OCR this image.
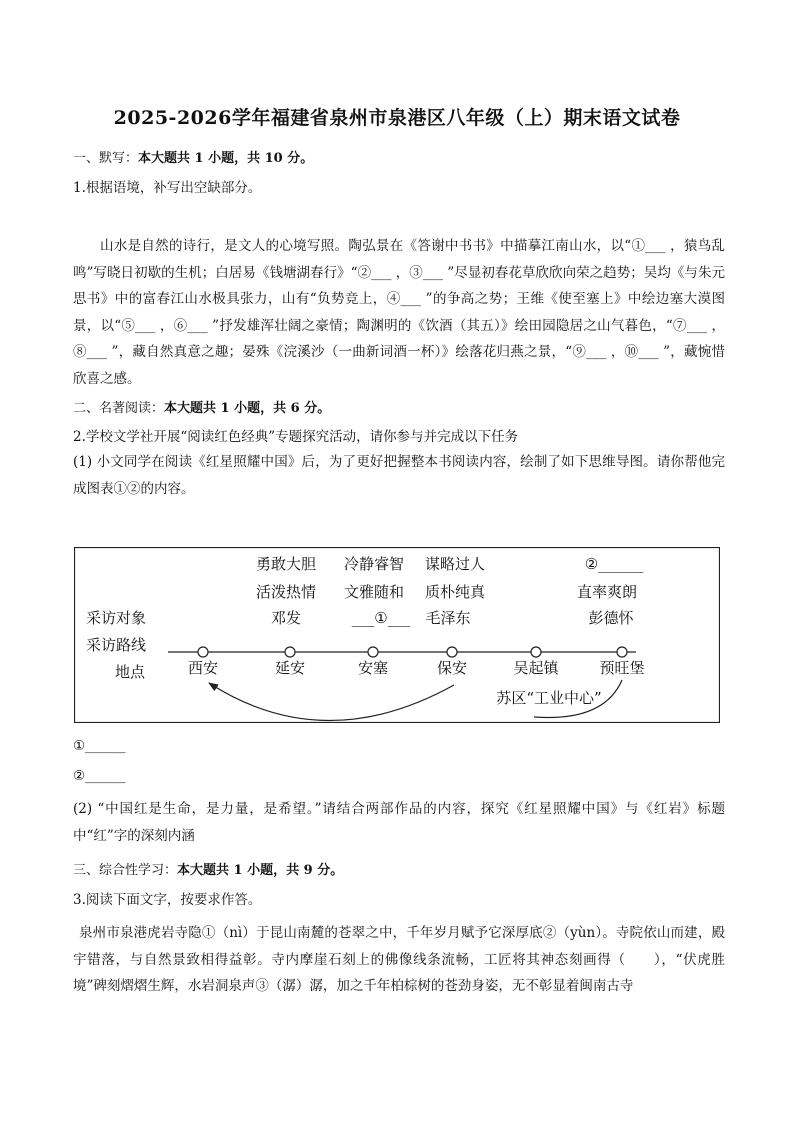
2025-2026学年福建省泉州市泉港区八年级（上）期末语文试卷
一、默写：本大题共 1 小题，共 10 分。
1.根据语境，补写出空缺部分。

山水是自然的诗行，是文人的心境写照。陶弘景在《答谢中书书》中描摹江南山水，以“①___ ，猿鸟乱鸣”写晓日初歇的生机；白居易《钱塘湖春行》“②___ ，③___ ”尽显初春花草欣欣向荣之趋势；吴均《与朱元思书》中的富春江山水极具张力，山有“负势竞上，④___ ”的争高之势；王维《使至塞上》中绘边塞大漠图景，以“⑤___ ，⑥___ ”抒发雄浑壮阔之豪情；陶渊明的《饮酒（其五）》绘田园隐居之山气暮色，“⑦___ ，⑧___ ”，藏自然真意之趣；晏殊《浣溪沙（一曲新词酒一杯）》绘落花归燕之景，“⑨___ ，⑩___ ”，藏惋惜欣喜之感。

二、名著阅读：本大题共 1 小题，共 6 分。
2.学校文学社开展“阅读红色经典”专题探究活动，请你参与并完成以下任务

(1) 小文同学在阅读《红星照耀中国》后，为了更好把握整本书阅读内容，绘制了如下思维导图。请你帮他完成图表①②的内容。

采访对象
采访路线
地点
勇敢大胆 冷静睿智 谋略过人	②______
活泼热情 文雅随和 质朴纯真	直率爽朗
邓发	___①___ 毛泽东	彭德怀
西安	延安	安塞	保安	吴起镇	预旺堡
苏区“工业中心”
①______
②______

(2) “中国红是生命，是力量，是希望。”请结合两部作品的内容，探究《红星照耀中国》与《红岩》标题中“红”字的深刻内涵

三、综合性学习：本大题共 1 小题，共 9 分。
3.阅读下面文字，按要求作答。

泉州市泉港虎岩寺隐①（nì）于昆山南麓的苍翠之中，千年岁月赋予它深厚底②（yùn）。寺院依山而建，殿宇错落，与自然景致相得益彰。寺内摩崖石刻上的佛像线条流畅，工匠将其神态刻画得（　　），“伏虎胜境”碑刻熠熠生辉，水岩洞泉声③（潺）潺，加之千年柏棕树的苍劲身姿，无不彰显着闽南古寺
